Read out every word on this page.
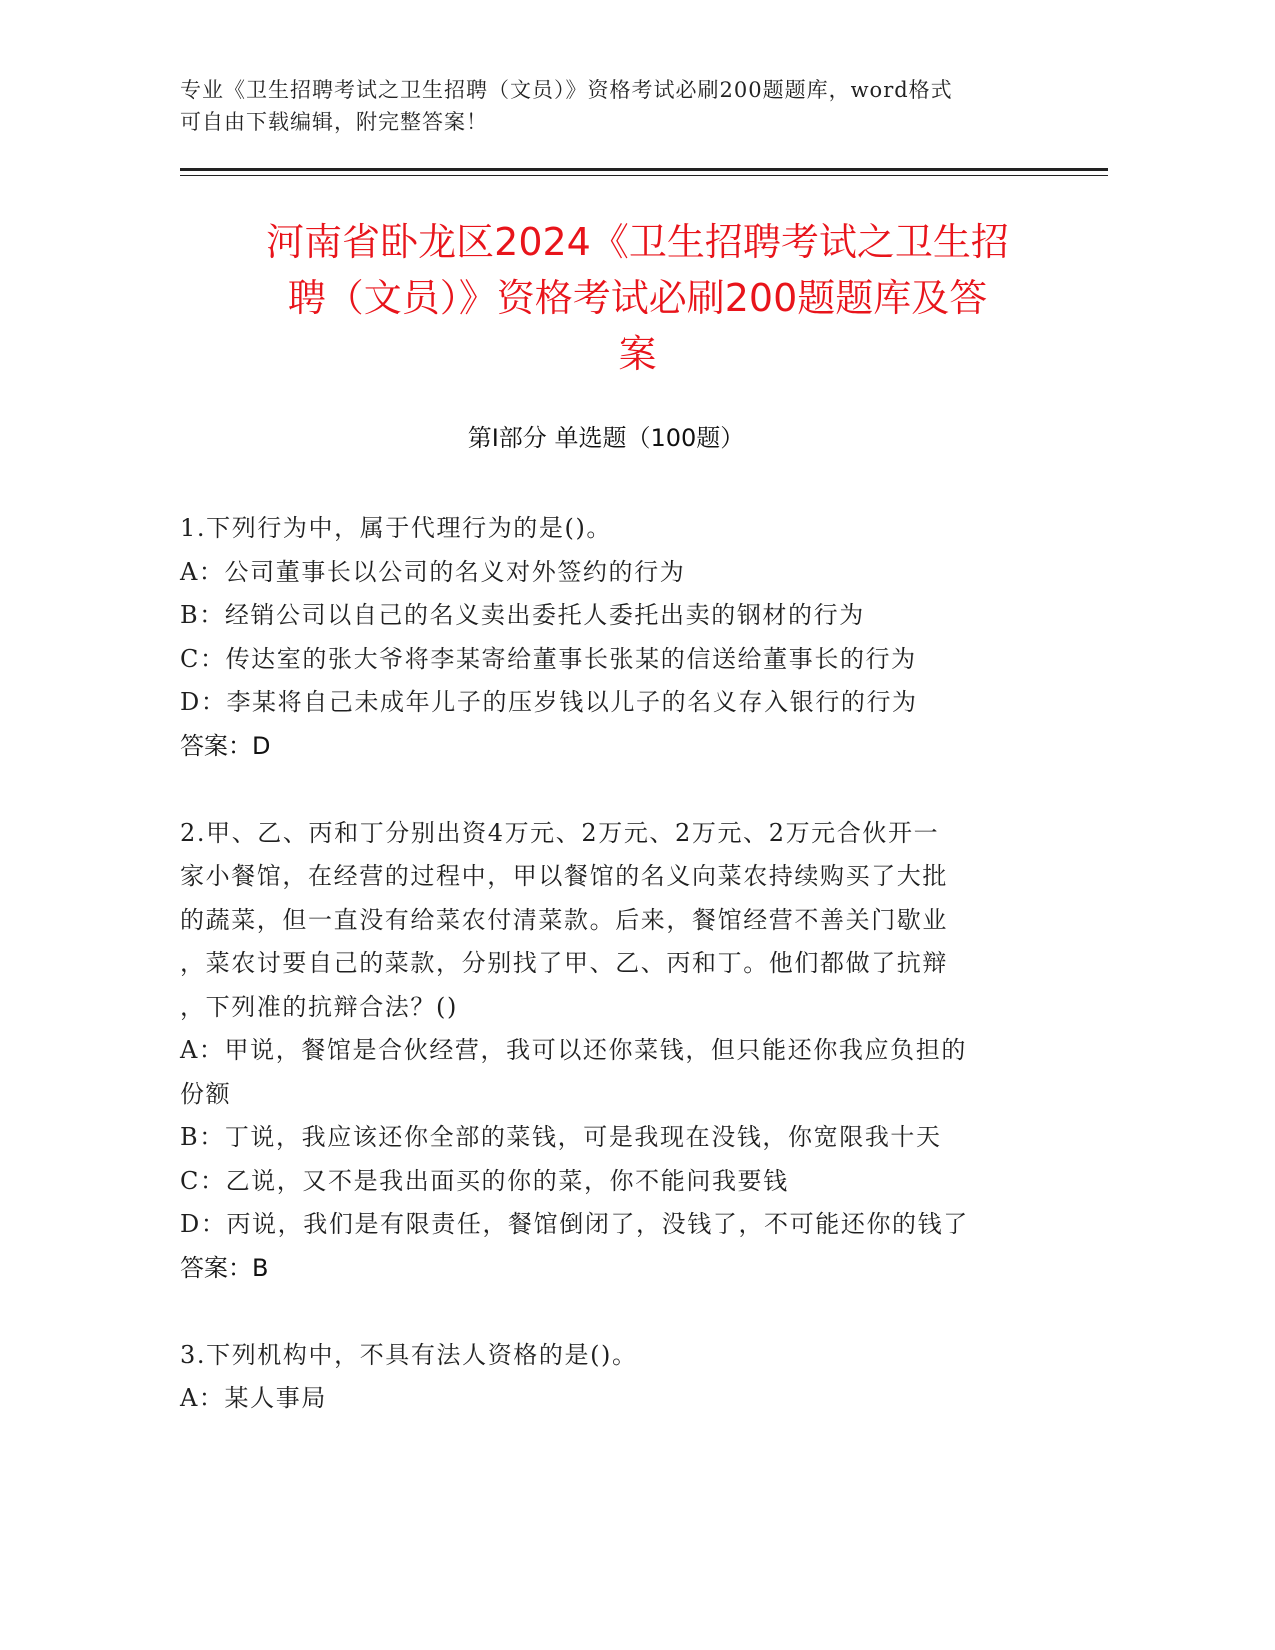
专业《卫生招聘考试之卫生招聘（文员）》资格考试必刷200题题库，word格式
可自由下载编辑，附完整答案！
河南省卧龙区2024《卫生招聘考试之卫生招
聘（文员）》资格考试必刷200题题库及答
案
第Ⅰ部分 单选题（100题）
1.下列行为中，属于代理行为的是()。
A：公司董事长以公司的名义对外签约的行为
B：经销公司以自己的名义卖出委托人委托出卖的钢材的行为
C：传达室的张大爷将李某寄给董事长张某的信送给董事长的行为
D：李某将自己未成年儿子的压岁钱以儿子的名义存入银行的行为
答案：D
2.甲、乙、丙和丁分别出资4万元、2万元、2万元、2万元合伙开一
家小餐馆，在经营的过程中，甲以餐馆的名义向菜农持续购买了大批
的蔬菜，但一直没有给菜农付清菜款。后来，餐馆经营不善关门歇业
，菜农讨要自己的菜款，分别找了甲、乙、丙和丁。他们都做了抗辩
，下列准的抗辩合法？()
A：甲说，餐馆是合伙经营，我可以还你菜钱，但只能还你我应负担的
份额
B：丁说，我应该还你全部的菜钱，可是我现在没钱，你宽限我十天
C：乙说，又不是我出面买的你的菜，你不能问我要钱
D：丙说，我们是有限责任，餐馆倒闭了，没钱了，不可能还你的钱了
答案：B
3.下列机构中，不具有法人资格的是()。
A：某人事局
